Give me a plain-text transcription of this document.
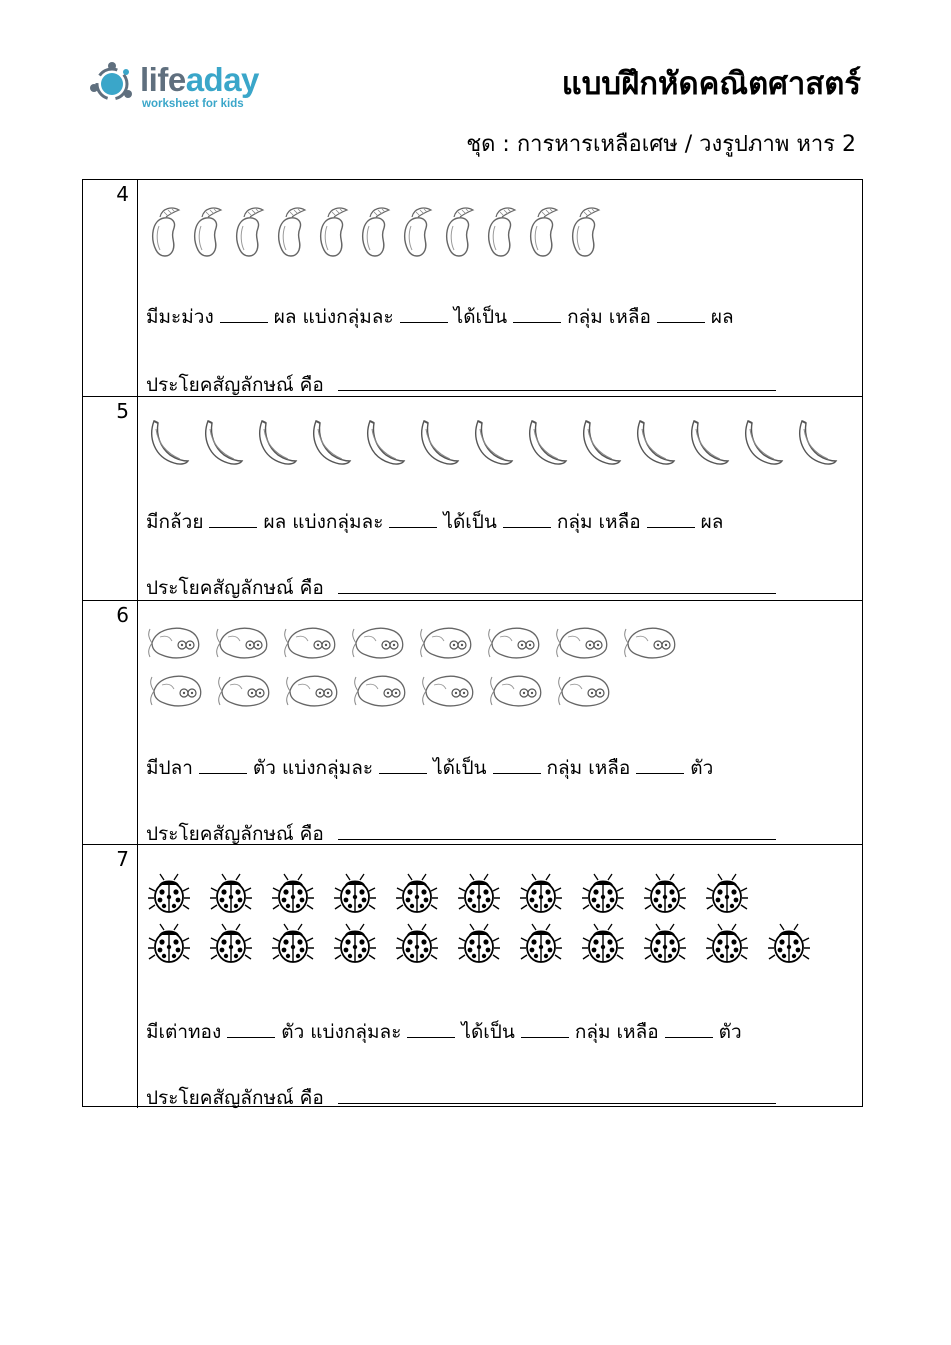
lifeaday
worksheet for kids
แบบฝึกหัดคณิตศาสตร์
ชุด : การหารเหลือเศษ / วงรูปภาพ หาร 2
4
มีมะม่วง	ผล แบ่งกลุ่มละ	ได้เป็น	กลุ่ม เหลือ	ผล
ประโยคสัญลักษณ์ คือ
5
มีกล้วย	ผล แบ่งกลุ่มละ	ได้เป็น	กลุ่ม เหลือ	ผล
ประโยคสัญลักษณ์ คือ
6
มีปลา	ตัว แบ่งกลุ่มละ	ได้เป็น	กลุ่ม เหลือ	ตัว
ประโยคสัญลักษณ์ คือ
7
มีเต่าทอง	ตัว แบ่งกลุ่มละ	ได้เป็น	กลุ่ม เหลือ	ตัว
ประโยคสัญลักษณ์ คือ
